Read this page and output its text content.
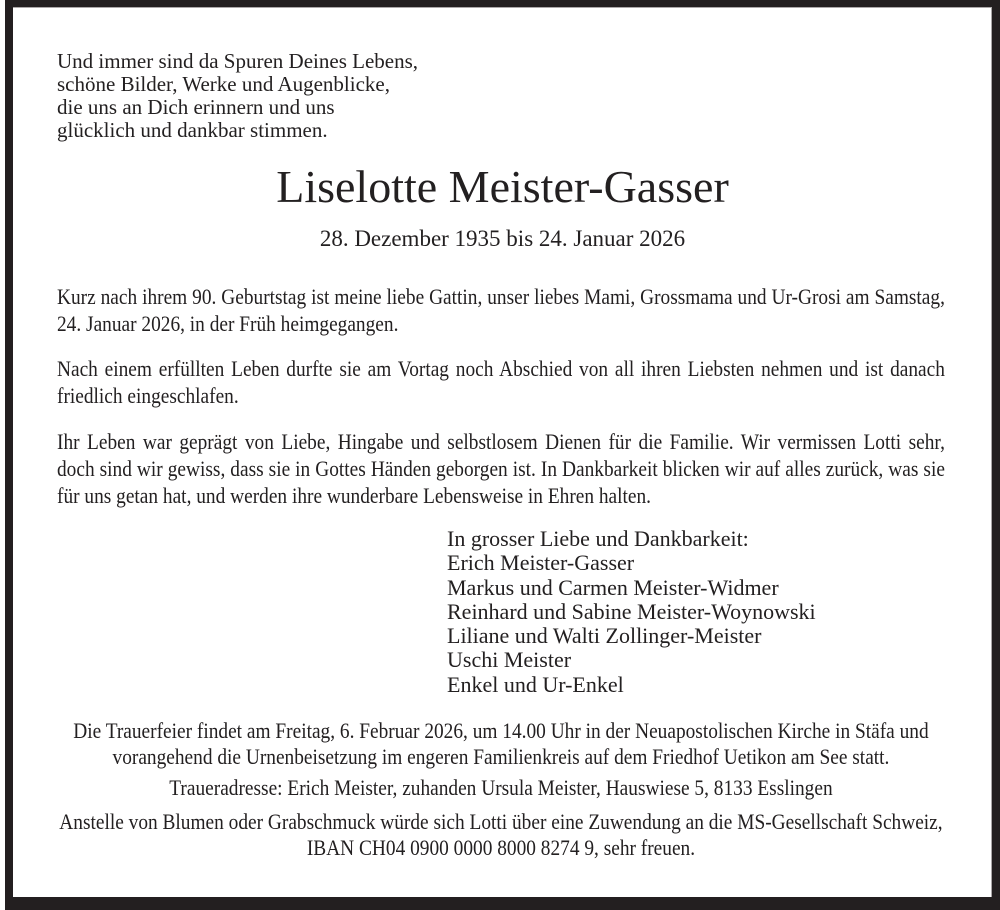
Und immer sind da Spuren Deines Lebens,
schöne Bilder, Werke und Augenblicke,
die uns an Dich erinnern und uns
glücklich und dankbar stimmen.
Liselotte Meister-Gasser
28. Dezember 1935 bis 24. Januar 2026
Kurz nach ihrem 90. Geburtstag ist meine liebe Gattin, unser liebes Mami, Grossmama und Ur-Grosi am Samstag, 24. Januar 2026, in der Früh heimgegangen.
Nach einem erfüllten Leben durfte sie am Vortag noch Abschied von all ihren Liebsten nehmen und ist danach friedlich eingeschlafen.
Ihr Leben war geprägt von Liebe, Hingabe und selbstlosem Dienen für die Familie. Wir vermissen Lotti sehr, doch sind wir gewiss, dass sie in Gottes Händen geborgen ist. In Dankbarkeit blicken wir auf alles zurück, was sie für uns getan hat, und werden ihre wunderbare Lebensweise in Ehren halten.
In grosser Liebe und Dankbarkeit:
Erich Meister-Gasser
Markus und Carmen Meister-Widmer
Reinhard und Sabine Meister-Woynowski
Liliane und Walti Zollinger-Meister
Uschi Meister
Enkel und Ur-Enkel
Die Trauerfeier findet am Freitag, 6. Februar 2026, um 14.00 Uhr in der Neuapostolischen Kirche in Stäfa und vorangehend die Urnenbeisetzung im engeren Familienkreis auf dem Friedhof Uetikon am See statt.
Traueradresse: Erich Meister, zuhanden Ursula Meister, Hauswiese 5, 8133 Esslingen
Anstelle von Blumen oder Grabschmuck würde sich Lotti über eine Zuwendung an die MS-Gesellschaft Schweiz, IBAN CH04 0900 0000 8000 8274 9, sehr freuen.
